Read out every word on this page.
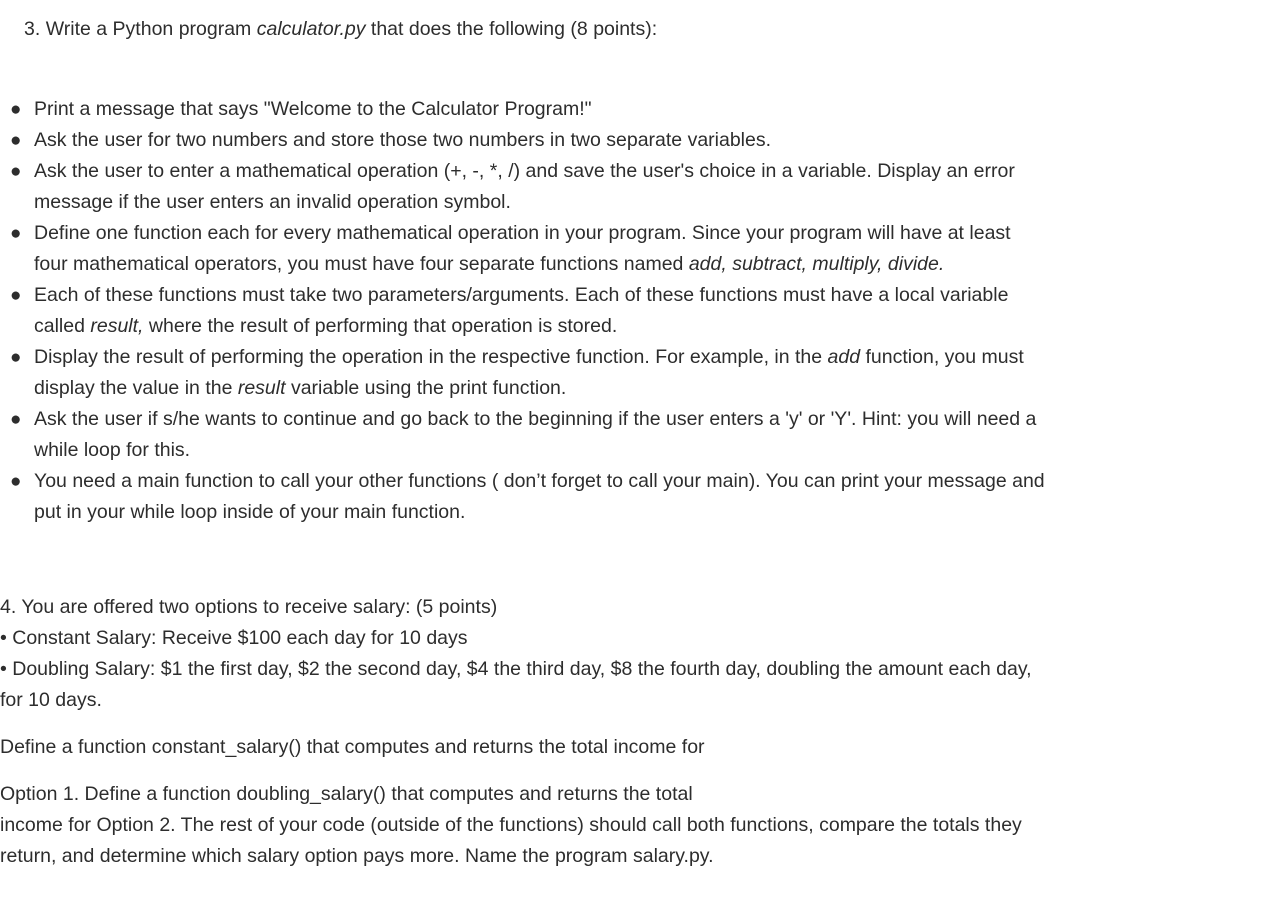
3. Write a Python program calculator.py that does the following (8 points):
● Print a message that says "Welcome to the Calculator Program!"
● Ask the user for two numbers and store those two numbers in two separate variables.
● Ask the user to enter a mathematical operation (+, -, *, /) and save the user's choice in a variable. Display an error
message if the user enters an invalid operation symbol.
● Define one function each for every mathematical operation in your program. Since your program will have at least
four mathematical operators, you must have four separate functions named add, subtract, multiply, divide.
● Each of these functions must take two parameters/arguments. Each of these functions must have a local variable
called result, where the result of performing that operation is stored.
● Display the result of performing the operation in the respective function. For example, in the add function, you must
display the value in the result variable using the print function.
● Ask the user if s/he wants to continue and go back to the beginning if the user enters a 'y' or 'Y'. Hint: you will need a
while loop for this.
● You need a main function to call your other functions ( don’t forget to call your main). You can print your message and
put in your while loop inside of your main function.
4. You are offered two options to receive salary: (5 points)
• Constant Salary: Receive $100 each day for 10 days
• Doubling Salary: $1 the first day, $2 the second day, $4 the third day, $8 the fourth day, doubling the amount each day,
for 10 days.
Define a function constant_salary() that computes and returns the total income for
Option 1. Define a function doubling_salary() that computes and returns the total
income for Option 2. The rest of your code (outside of the functions) should call both functions, compare the totals they
return, and determine which salary option pays more. Name the program salary.py.
